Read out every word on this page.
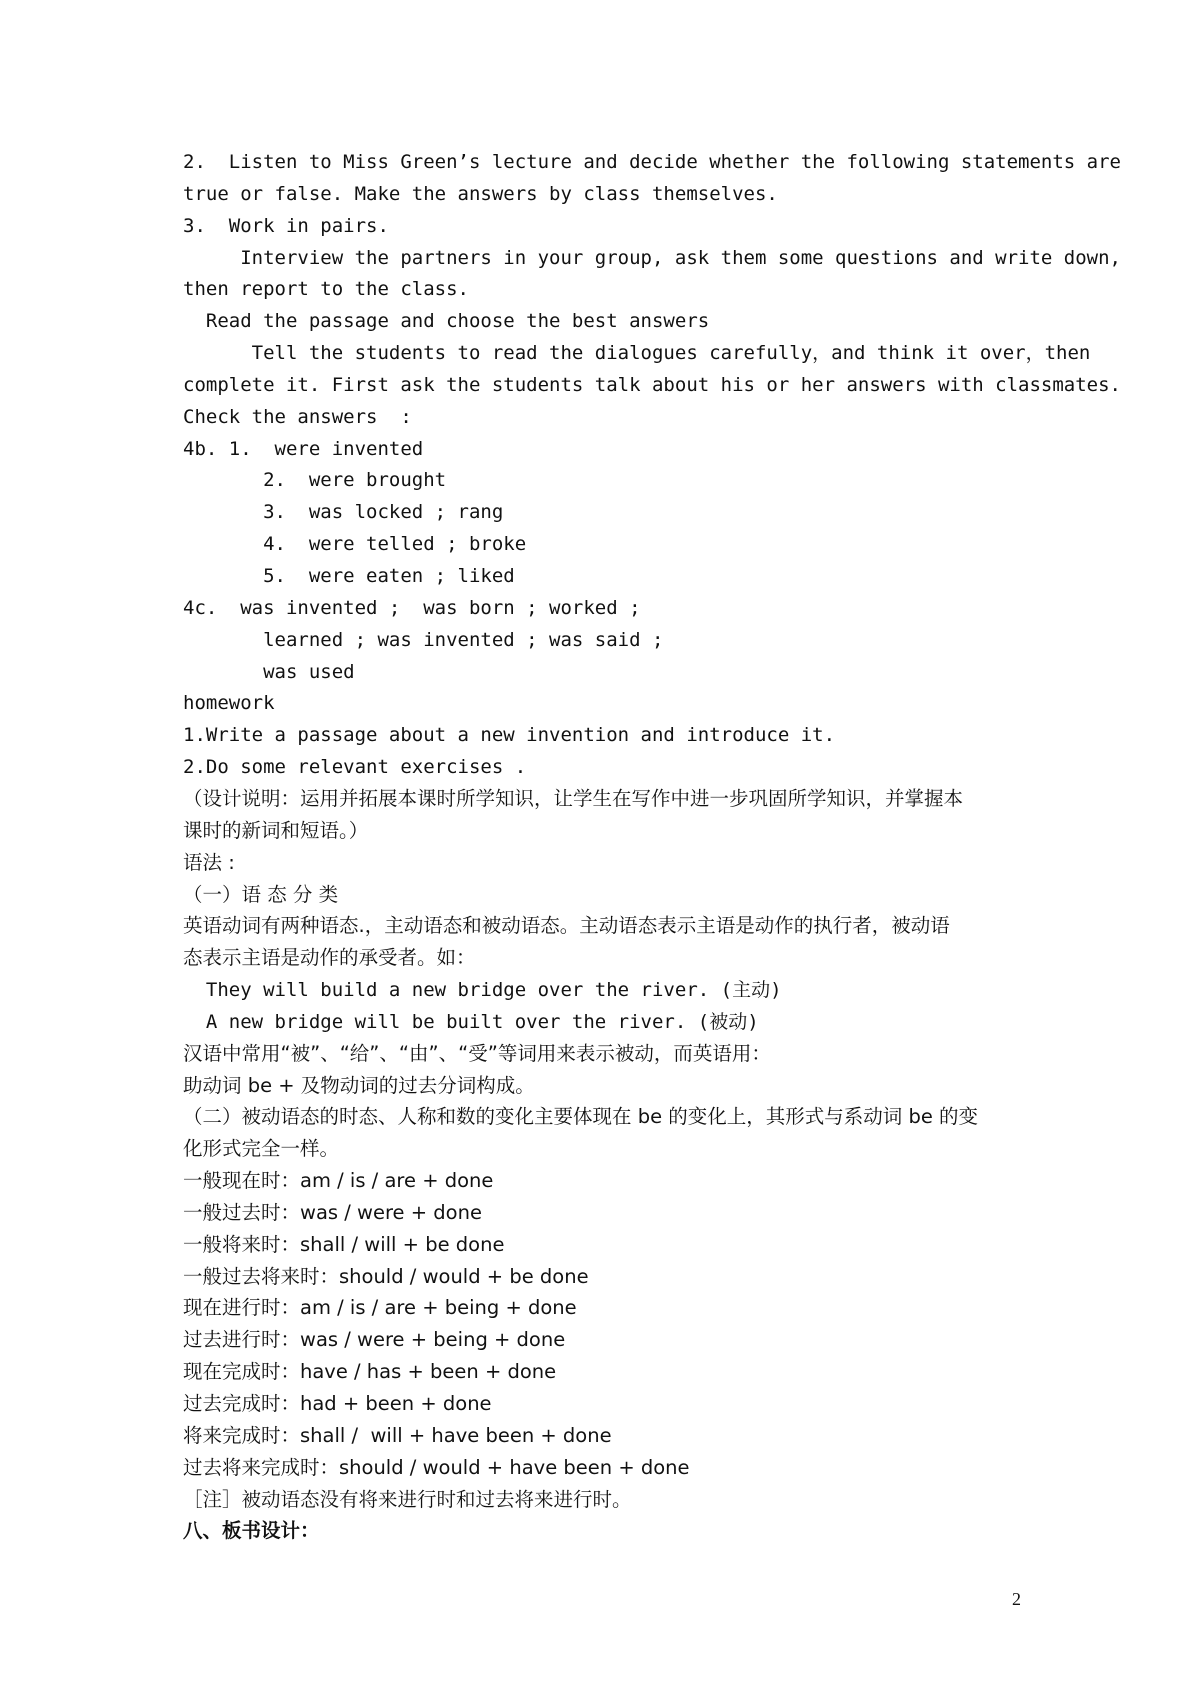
2.  Listen to Miss Green’s lecture and decide whether the following statements are
true or false. Make the answers by class themselves.
3.  Work in pairs.
Interview the partners in your group, ask them some questions and write down,
then report to the class.
Read the passage and choose the best answers
Tell the students to read the dialogues carefully，and think it over，then
complete it. First ask the students talk about his or her answers with classmates.
Check the answers  :
4b. 1.  were invented
2.  were brought
3.  was locked ; rang
4.  were telled ; broke
5.  were eaten ; liked
4c.  was invented ;  was born ; worked ;
learned ; was invented ; was said ;
was used
homework
1.Write a passage about a new invention and introduce it.
2.Do some relevant exercises .
（设计说明：运用并拓展本课时所学知识，让学生在写作中进一步巩固所学知识，并掌握本
课时的新词和短语。）
语法 :
（一）语 态 分 类
英语动词有两种语态.，主动语态和被动语态。主动语态表示主语是动作的执行者，被动语
态表示主语是动作的承受者。如：
They will build a new bridge over the river. (主动)
A new bridge will be built over the river. (被动)
汉语中常用“被”、“给”、“由”、“受”等词用来表示被动，而英语用：
助动词 be + 及物动词的过去分词构成。
（二）被动语态的时态、人称和数的变化主要体现在 be 的变化上，其形式与系动词 be 的变
化形式完全一样。
一般现在时：am / is / are + done
一般过去时：was / were + done
一般将来时：shall / will + be done
一般过去将来时：should / would + be done
现在进行时：am / is / are + being + done
过去进行时：was / were + being + done
现在完成时：have / has + been + done
过去完成时：had + been + done
将来完成时：shall /  will + have been + done
过去将来完成时：should / would + have been + done
［注］被动语态没有将来进行时和过去将来进行时。
八、板书设计：
2
